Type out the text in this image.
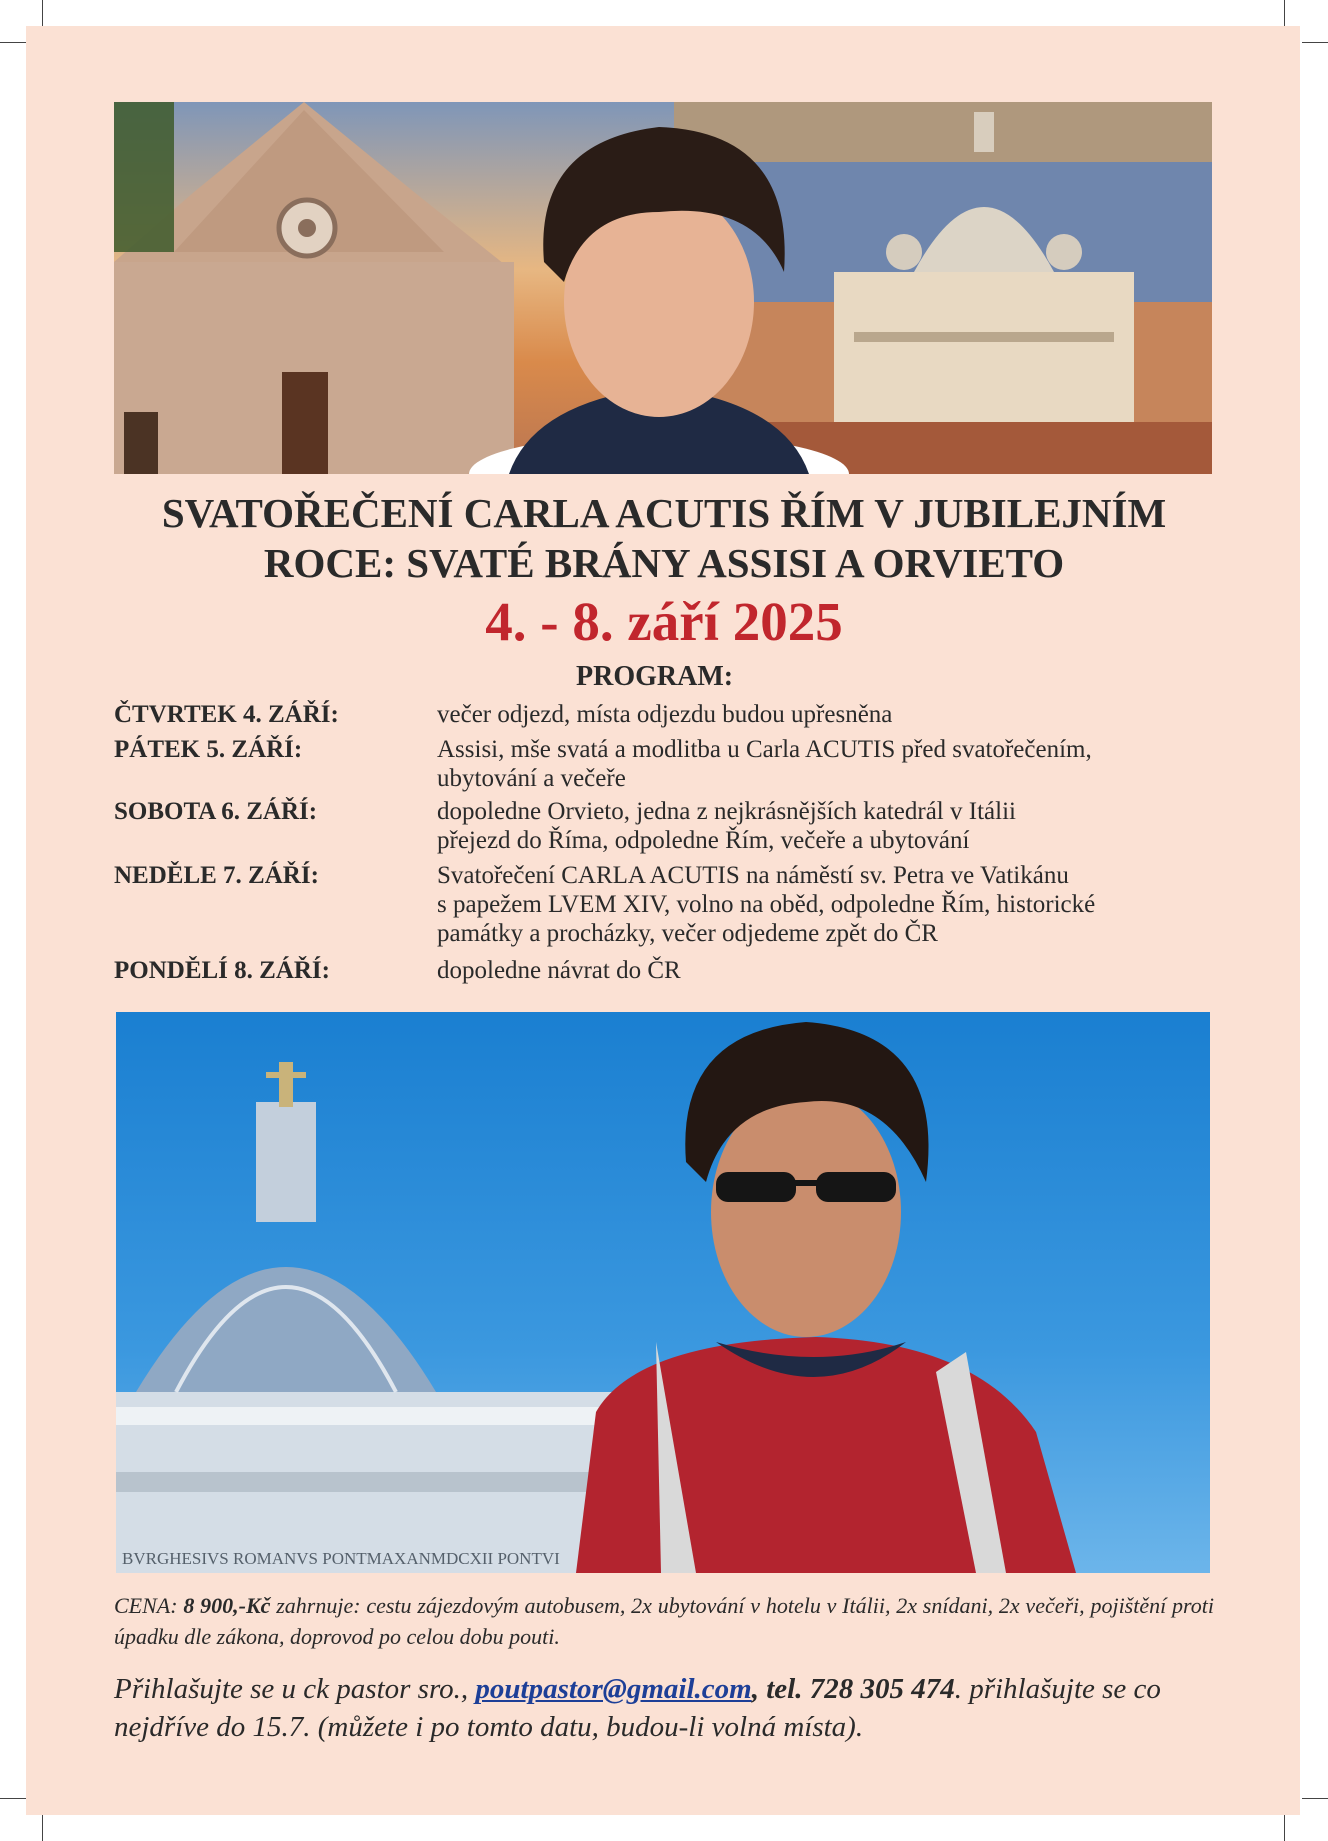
SVATOŘEČENÍ CARLA ACUTIS ŘÍM V JUBILEJNÍM
ROCE: SVATÉ BRÁNY ASSISI A ORVIETO
4. - 8. září 2025
PROGRAM:
ČTVRTEK 4. ZÁŘÍ:	večer odjezd, místa odjezdu budou upřesněna
PÁTEK 5. ZÁŘÍ:	Assisi, mše svatá a modlitba u Carla ACUTIS před svatořečením,
ubytování a večeře
SOBOTA 6. ZÁŘÍ:	dopoledne Orvieto, jedna z nejkrásnějších katedrál v Itálii
přejezd do Říma, odpoledne Řím, večeře a ubytování
NEDĚLE 7. ZÁŘÍ:	Svatořečení CARLA ACUTIS na náměstí sv. Petra ve Vatikánu
s papežem LVEM XIV, volno na oběd, odpoledne Řím, historické
památky a procházky, večer odjedeme zpět do ČR
PONDĚLÍ 8. ZÁŘÍ:	dopoledne návrat do ČR
BVRGHESIVS ROMANVS PONTMAXANMDCXII PONTVI
CENA: 8 900,-Kč zahrnuje: cestu zájezdovým autobusem, 2x ubytování v hotelu v Itálii, 2x snídani, 2x večeři, pojištění proti úpadku dle zákona, doprovod po celou dobu pouti.
Přihlašujte se u ck pastor sro., poutpastor@gmail.com, tel. 728 305 474. přihlašujte se co nejdříve do 15.7. (můžete i po tomto datu, budou-li volná místa).
